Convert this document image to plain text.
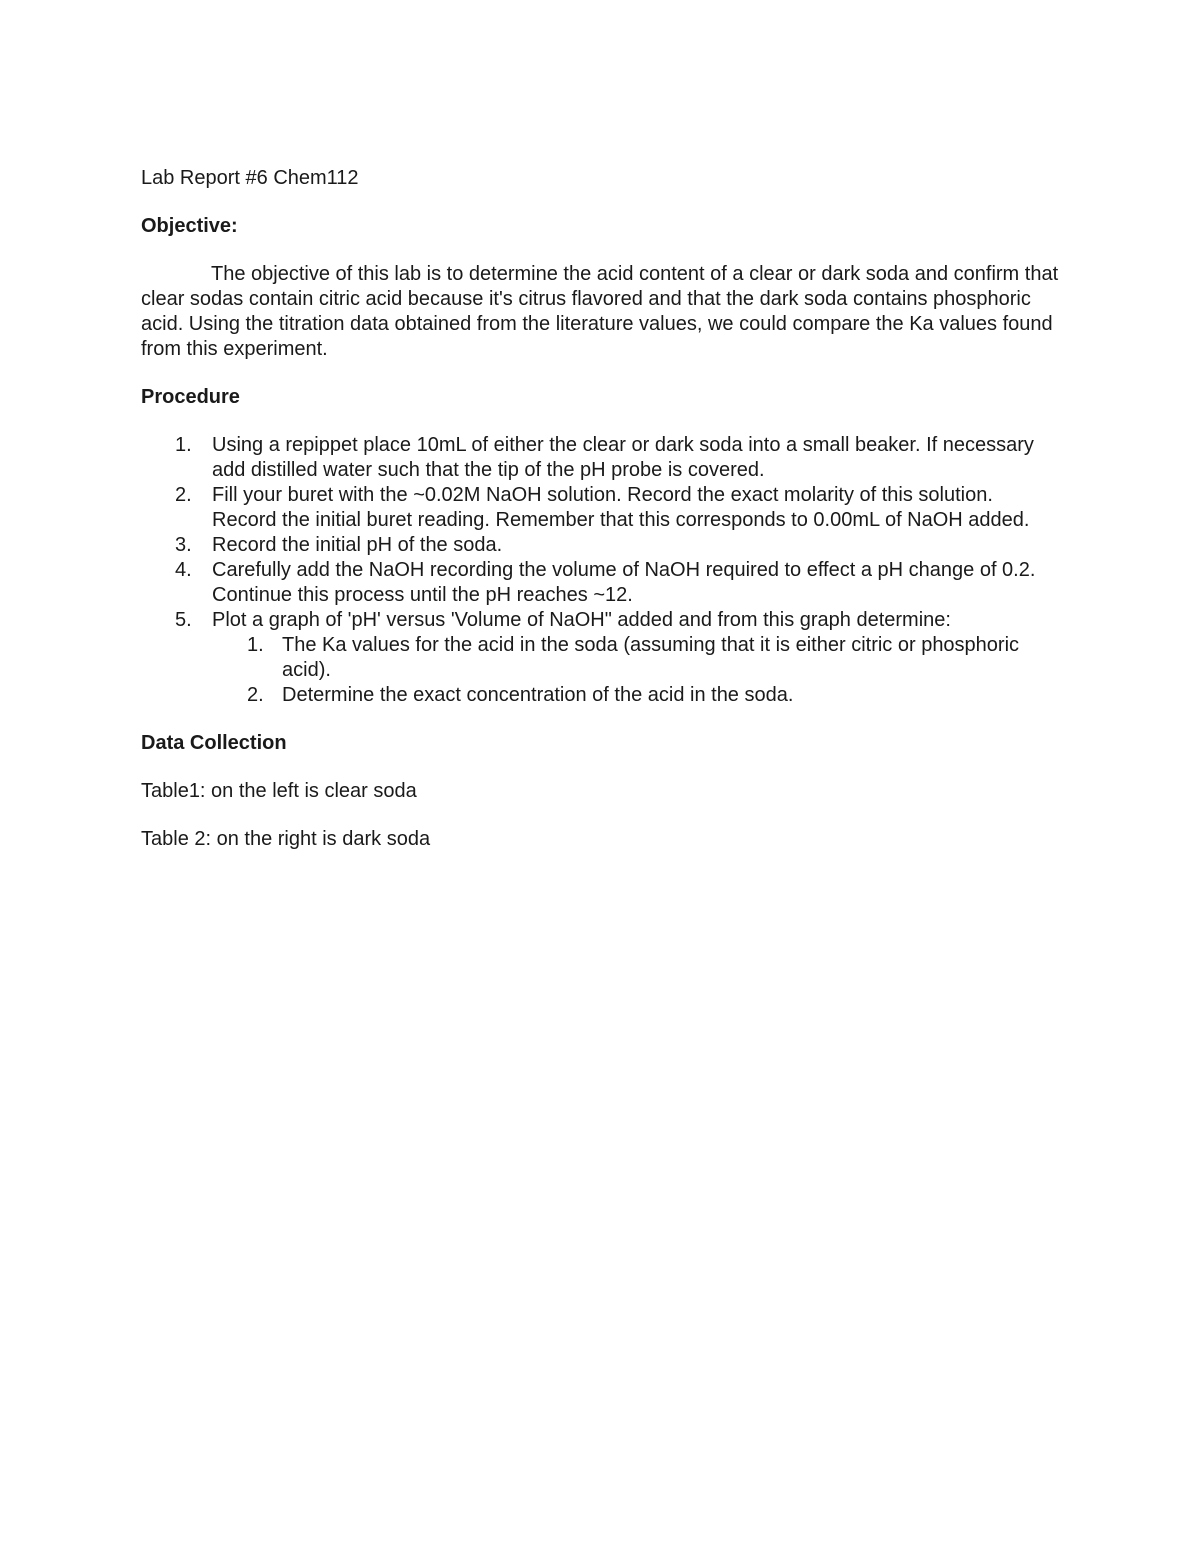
Lab Report #6 Chem112

Objective:

The objective of this lab is to determine the acid content of a clear or dark soda and confirm that clear sodas contain citric acid because it's citrus flavored and that the dark soda contains phosphoric acid. Using the titration data obtained from the literature values, we could compare the Ka values found from this experiment.

Procedure

1. Using a repippet place 10mL of either the clear or dark soda into a small beaker. If necessary add distilled water such that the tip of the pH probe is covered.
2. Fill your buret with the ~0.02M NaOH solution. Record the exact molarity of this solution. Record the initial buret reading. Remember that this corresponds to 0.00mL of NaOH added.
3. Record the initial pH of the soda.
4. Carefully add the NaOH recording the volume of NaOH required to effect a pH change of 0.2. Continue this process until the pH reaches ~12.
5. Plot a graph of 'pH' versus 'Volume of NaOH" added and from this graph determine:
1. The Ka values for the acid in the soda (assuming that it is either citric or phosphoric acid).
2. Determine the exact concentration of the acid in the soda.

Data Collection

Table1: on the left is clear soda

Table 2: on the right is dark soda
